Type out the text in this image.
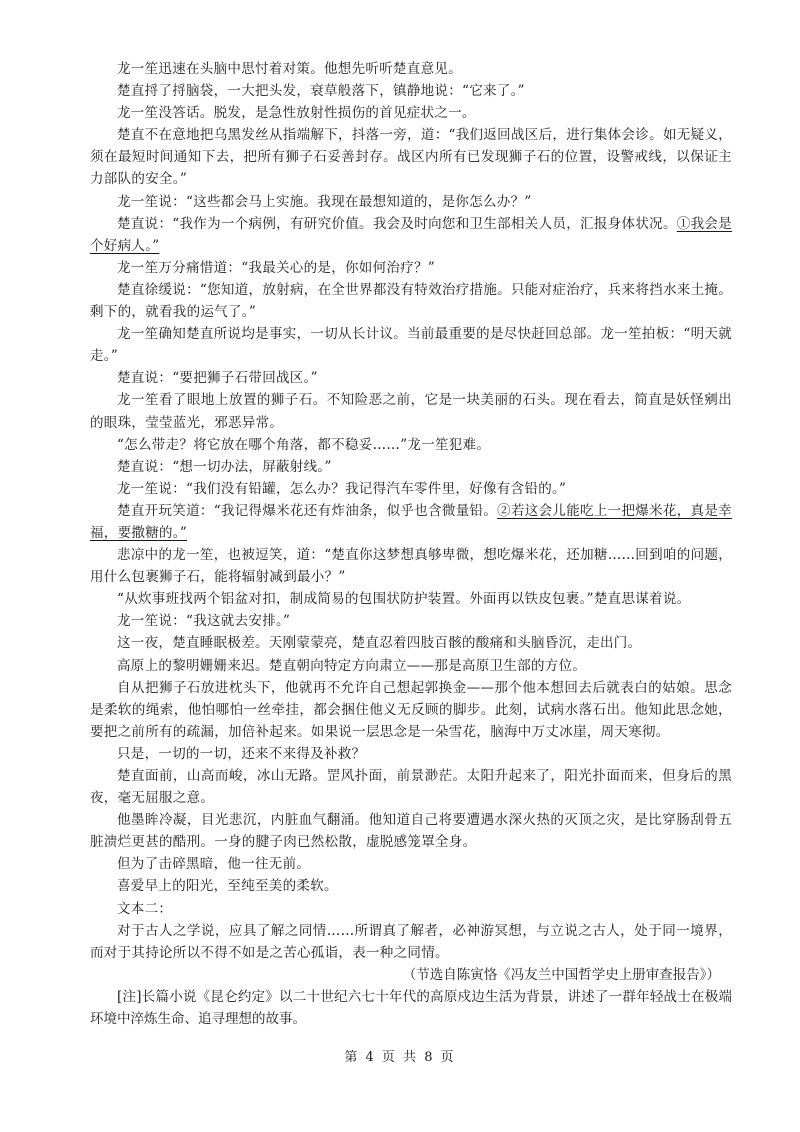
龙一笙迅速在头脑中思忖着对策。他想先听听楚直意见。

楚直捋了捋脑袋，一大把头发，衰草般落下，镇静地说：“它来了。”

龙一笙没答话。脱发，是急性放射性损伤的首见症状之一。

楚直不在意地把乌黑发丝从指端解下，抖落一旁，道：“我们返回战区后，进行集体会诊。如无疑义，须在最短时间通知下去，把所有狮子石妥善封存。战区内所有已发现狮子石的位置，设警戒线，以保证主力部队的安全。”

龙一笙说：“这些都会马上实施。我现在最想知道的，是你怎么办？”

楚直说：“我作为一个病例，有研究价值。我会及时向您和卫生部相关人员，汇报身体状况。①我会是个好病人。”

龙一笙万分痛惜道：“我最关心的是，你如何治疗？”

楚直徐缓说：“您知道，放射病，在全世界都没有特效治疗措施。只能对症治疗，兵来将挡水来土掩。剩下的，就看我的运气了。”

龙一笙确知楚直所说均是事实，一切从长计议。当前最重要的是尽快赶回总部。龙一笙拍板：“明天就走。”

楚直说：“要把狮子石带回战区。”

龙一笙看了眼地上放置的狮子石。不知险恶之前，它是一块美丽的石头。现在看去，简直是妖怪剜出的眼珠，莹莹蓝光，邪恶异常。

“怎么带走？将它放在哪个角落，都不稳妥……”龙一笙犯难。

楚直说：“想一切办法，屏蔽射线。”

龙一笙说：“我们没有铅罐，怎么办？我记得汽车零件里，好像有含铅的。”

楚直开玩笑道：“我记得爆米花还有炸油条，似乎也含微量铅。②若这会儿能吃上一把爆米花，真是幸福，要撒糖的。”

悲凉中的龙一笙，也被逗笑，道：“楚直你这梦想真够卑微，想吃爆米花，还加糖……回到咱的问题，用什么包裹狮子石，能将辐射减到最小？”

“从炊事班找两个铝盆对扣，制成简易的包围状防护装置。外面再以铁皮包裹。”楚直思谋着说。

龙一笙说：“我这就去安排。”

这一夜，楚直睡眠极差。天刚蒙蒙亮，楚直忍着四肢百骸的酸痛和头脑昏沉，走出门。

高原上的黎明姗姗来迟。楚直朝向特定方向肃立——那是高原卫生部的方位。

自从把狮子石放进枕头下，他就再不允许自己想起郭换金——那个他本想回去后就表白的姑娘。思念是柔软的绳索，他怕哪怕一丝牵挂，都会捆住他义无反顾的脚步。此刻，试病水落石出。他知此思念她，要把之前所有的疏漏，加倍补起来。如果说一层思念是一朵雪花，脑海中万丈冰崖，周天寒彻。

只是，一切的一切，还来不来得及补救？

楚直面前，山高而峻，冰山无路。罡风扑面，前景渺茫。太阳升起来了，阳光扑面而来，但身后的黑夜，毫无屈服之意。

他墨眸冷凝，目光悲沉，内脏血气翻涌。他知道自己将要遭遇水深火热的灭顶之灾，是比穿肠刮骨五脏溃烂更甚的酷刑。一身的腱子肉已然松散，虚脱感笼罩全身。

但为了击碎黑暗，他一往无前。

喜爱早上的阳光，至纯至美的柔软。

文本二：

对于古人之学说，应具了解之同情……所谓真了解者，必神游冥想，与立说之古人，处于同一境界，而对于其持论所以不得不如是之苦心孤诣，表一种之同情。

（节选自陈寅恪《冯友兰中国哲学史上册审查报告》）

[注]长篇小说《昆仑约定》以二十世纪六七十年代的高原戍边生活为背景，讲述了一群年轻战士在极端环境中淬炼生命、追寻理想的故事。

第 4 页 共 8 页
